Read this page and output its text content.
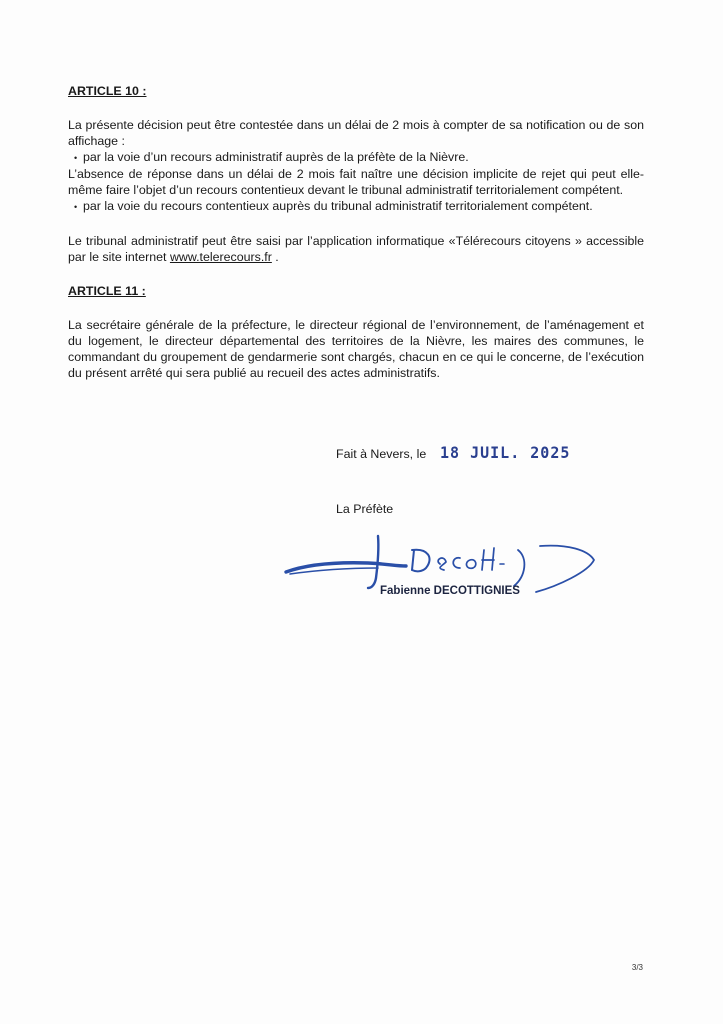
ARTICLE 10 :

La présente décision peut être contestée dans un délai de 2 mois à compter de sa notification ou de son affichage :

• par la voie d’un recours administratif auprès de la préfète de la Nièvre.

L’absence de réponse dans un délai de 2 mois fait naître une décision implicite de rejet qui peut elle-même faire l’objet d’un recours contentieux devant le tribunal administratif territorialement compétent.

• par la voie du recours contentieux auprès du tribunal administratif territorialement compétent.

Le tribunal administratif peut être saisi par l’application informatique «Télérecours citoyens » accessible par le site internet www.telerecours.fr .

ARTICLE 11 :

La secrétaire générale de la préfecture, le directeur régional de l’environnement, de l’aménagement et du logement, le directeur départemental des territoires de la Nièvre, les maires des communes, le commandant du groupement de gendarmerie sont chargés, chacun en ce qui le concerne, de l’exécution du présent arrêté qui sera publié au recueil des actes administratifs.

Fait à Nevers, le 18 JUIL. 2025
La Préfète
Fabienne DECOTTIGNIES
3/3
